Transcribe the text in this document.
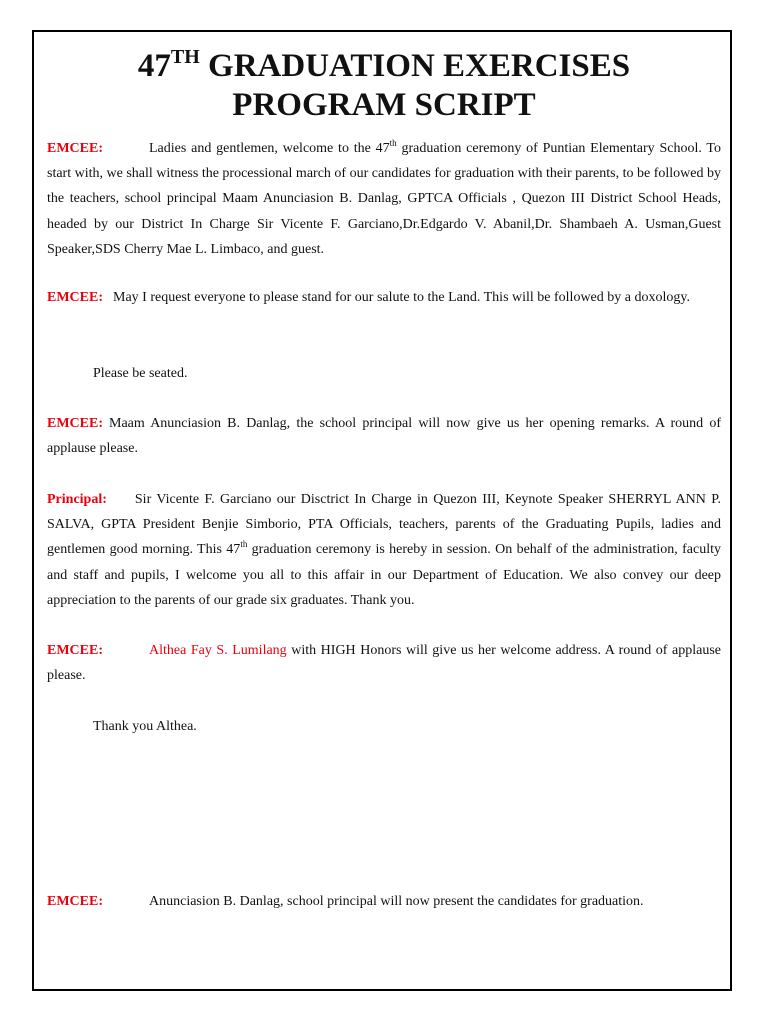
47TH GRADUATION EXERCISES
PROGRAM SCRIPT

EMCEE:	Ladies and gentlemen, welcome to the 47th graduation ceremony of Puntian Elementary School. To start with, we shall witness the processional march of our candidates for graduation with their parents, to be followed by the teachers, school principal Maam Anunciasion B. Danlag, GPTCA Officials , Quezon III District School Heads, headed by our District In Charge Sir Vicente F. Garciano,Dr.Edgardo V. Abanil,Dr. Shambaeh A. Usman,Guest Speaker,SDS Cherry Mae L. Limbaco, and guest.

EMCEE: May I request everyone to please stand for our salute to the Land. This will be followed by a doxology.

Please be seated.

EMCEE: Maam Anunciasion B. Danlag, the school principal will now give us her opening remarks. A round of applause please.

Principal: Sir Vicente F. Garciano our Disctrict In Charge in Quezon III, Keynote Speaker SHERRYL ANN P. SALVA, GPTA President Benjie Simborio, PTA Officials, teachers, parents of the Graduating Pupils, ladies and gentlemen good morning. This 47th graduation ceremony is hereby in session. On behalf of the administration, faculty and staff and pupils, I welcome you all to this affair in our Department of Education. We also convey our deep appreciation to the parents of our grade six graduates. Thank you.

EMCEE:	Althea Fay S. Lumilang with HIGH Honors will give us her welcome address. A round of applause please.

Thank you Althea.

EMCEE:	Anunciasion B. Danlag, school principal will now present the candidates for graduation.
